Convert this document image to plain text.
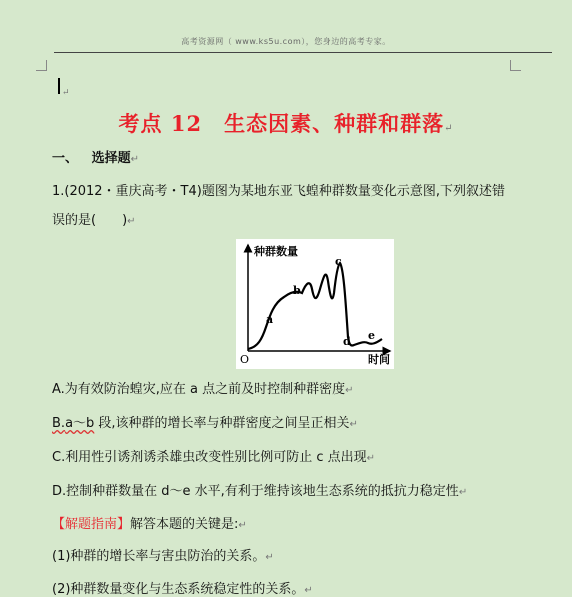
高考资源网（ www.ks5u.com），您身边的高考专家。
↵
考点 12　生态因素、种群和群落↵
一、 选择题↵
1.(2012・重庆高考・T4)题图为某地东亚飞蝗种群数量变化示意图,下列叙述错
误的是(　　)↵
种群数量
时间
O
a
b
c
d e
A.为有效防治蝗灾,应在 a 点之前及时控制种群密度↵
B.a～b 段,该种群的增长率与种群密度之间呈正相关↵
C.利用性引诱剂诱杀雄虫改变性别比例可防止 c 点出现↵
D.控制种群数量在 d～e 水平,有利于维持该地生态系统的抵抗力稳定性↵
【解题指南】解答本题的关键是:↵
(1)种群的增长率与害虫防治的关系。↵
(2)种群数量变化与生态系统稳定性的关系。↵
